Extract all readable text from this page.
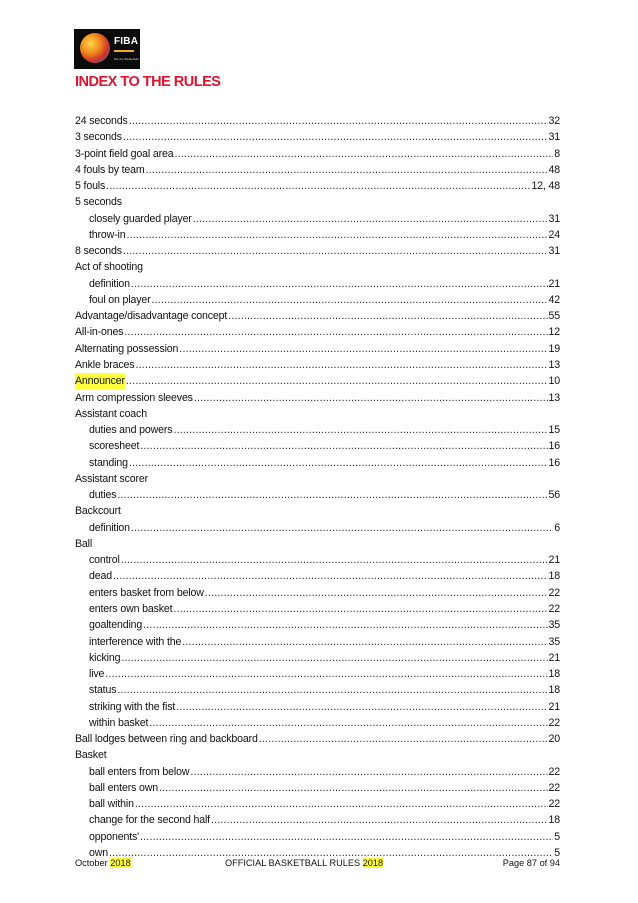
FIBA
We Are Basketball
INDEX TO THE RULES
24 seconds .....	32
3 seconds .....	31
3-point field goal area .....	8
4 fouls by team .....	48
5 fouls .....	12, 48
5 seconds
closely guarded player .....	31
throw-in .....	24
8 seconds .....	31
Act of shooting
definition .....	21
foul on player .....	42
Advantage/disadvantage concept .....	55
All-in-ones .....	12
Alternating possession .....	19
Ankle braces .....	13
Announcer .....	10
Arm compression sleeves .....	13
Assistant coach
duties and powers .....	15
scoresheet .....	16
standing .....	16
Assistant scorer
duties .....	56
Backcourt
definition .....	6
Ball
control .....	21
dead .....	18
enters basket from below .....	22
enters own basket .....	22
goaltending .....	35
interference with the .....	35
kicking .....	21
live .....	18
status .....	18
striking with the fist .....	21
within basket .....	22
Ball lodges between ring and backboard .....	20
Basket
ball enters from below .....	22
ball enters own .....	22
ball within .....	22
change for the second half .....	18
opponents' .....	5
own .....	5
October 2018	OFFICIAL BASKETBALL RULES 2018	Page 87 of 94
